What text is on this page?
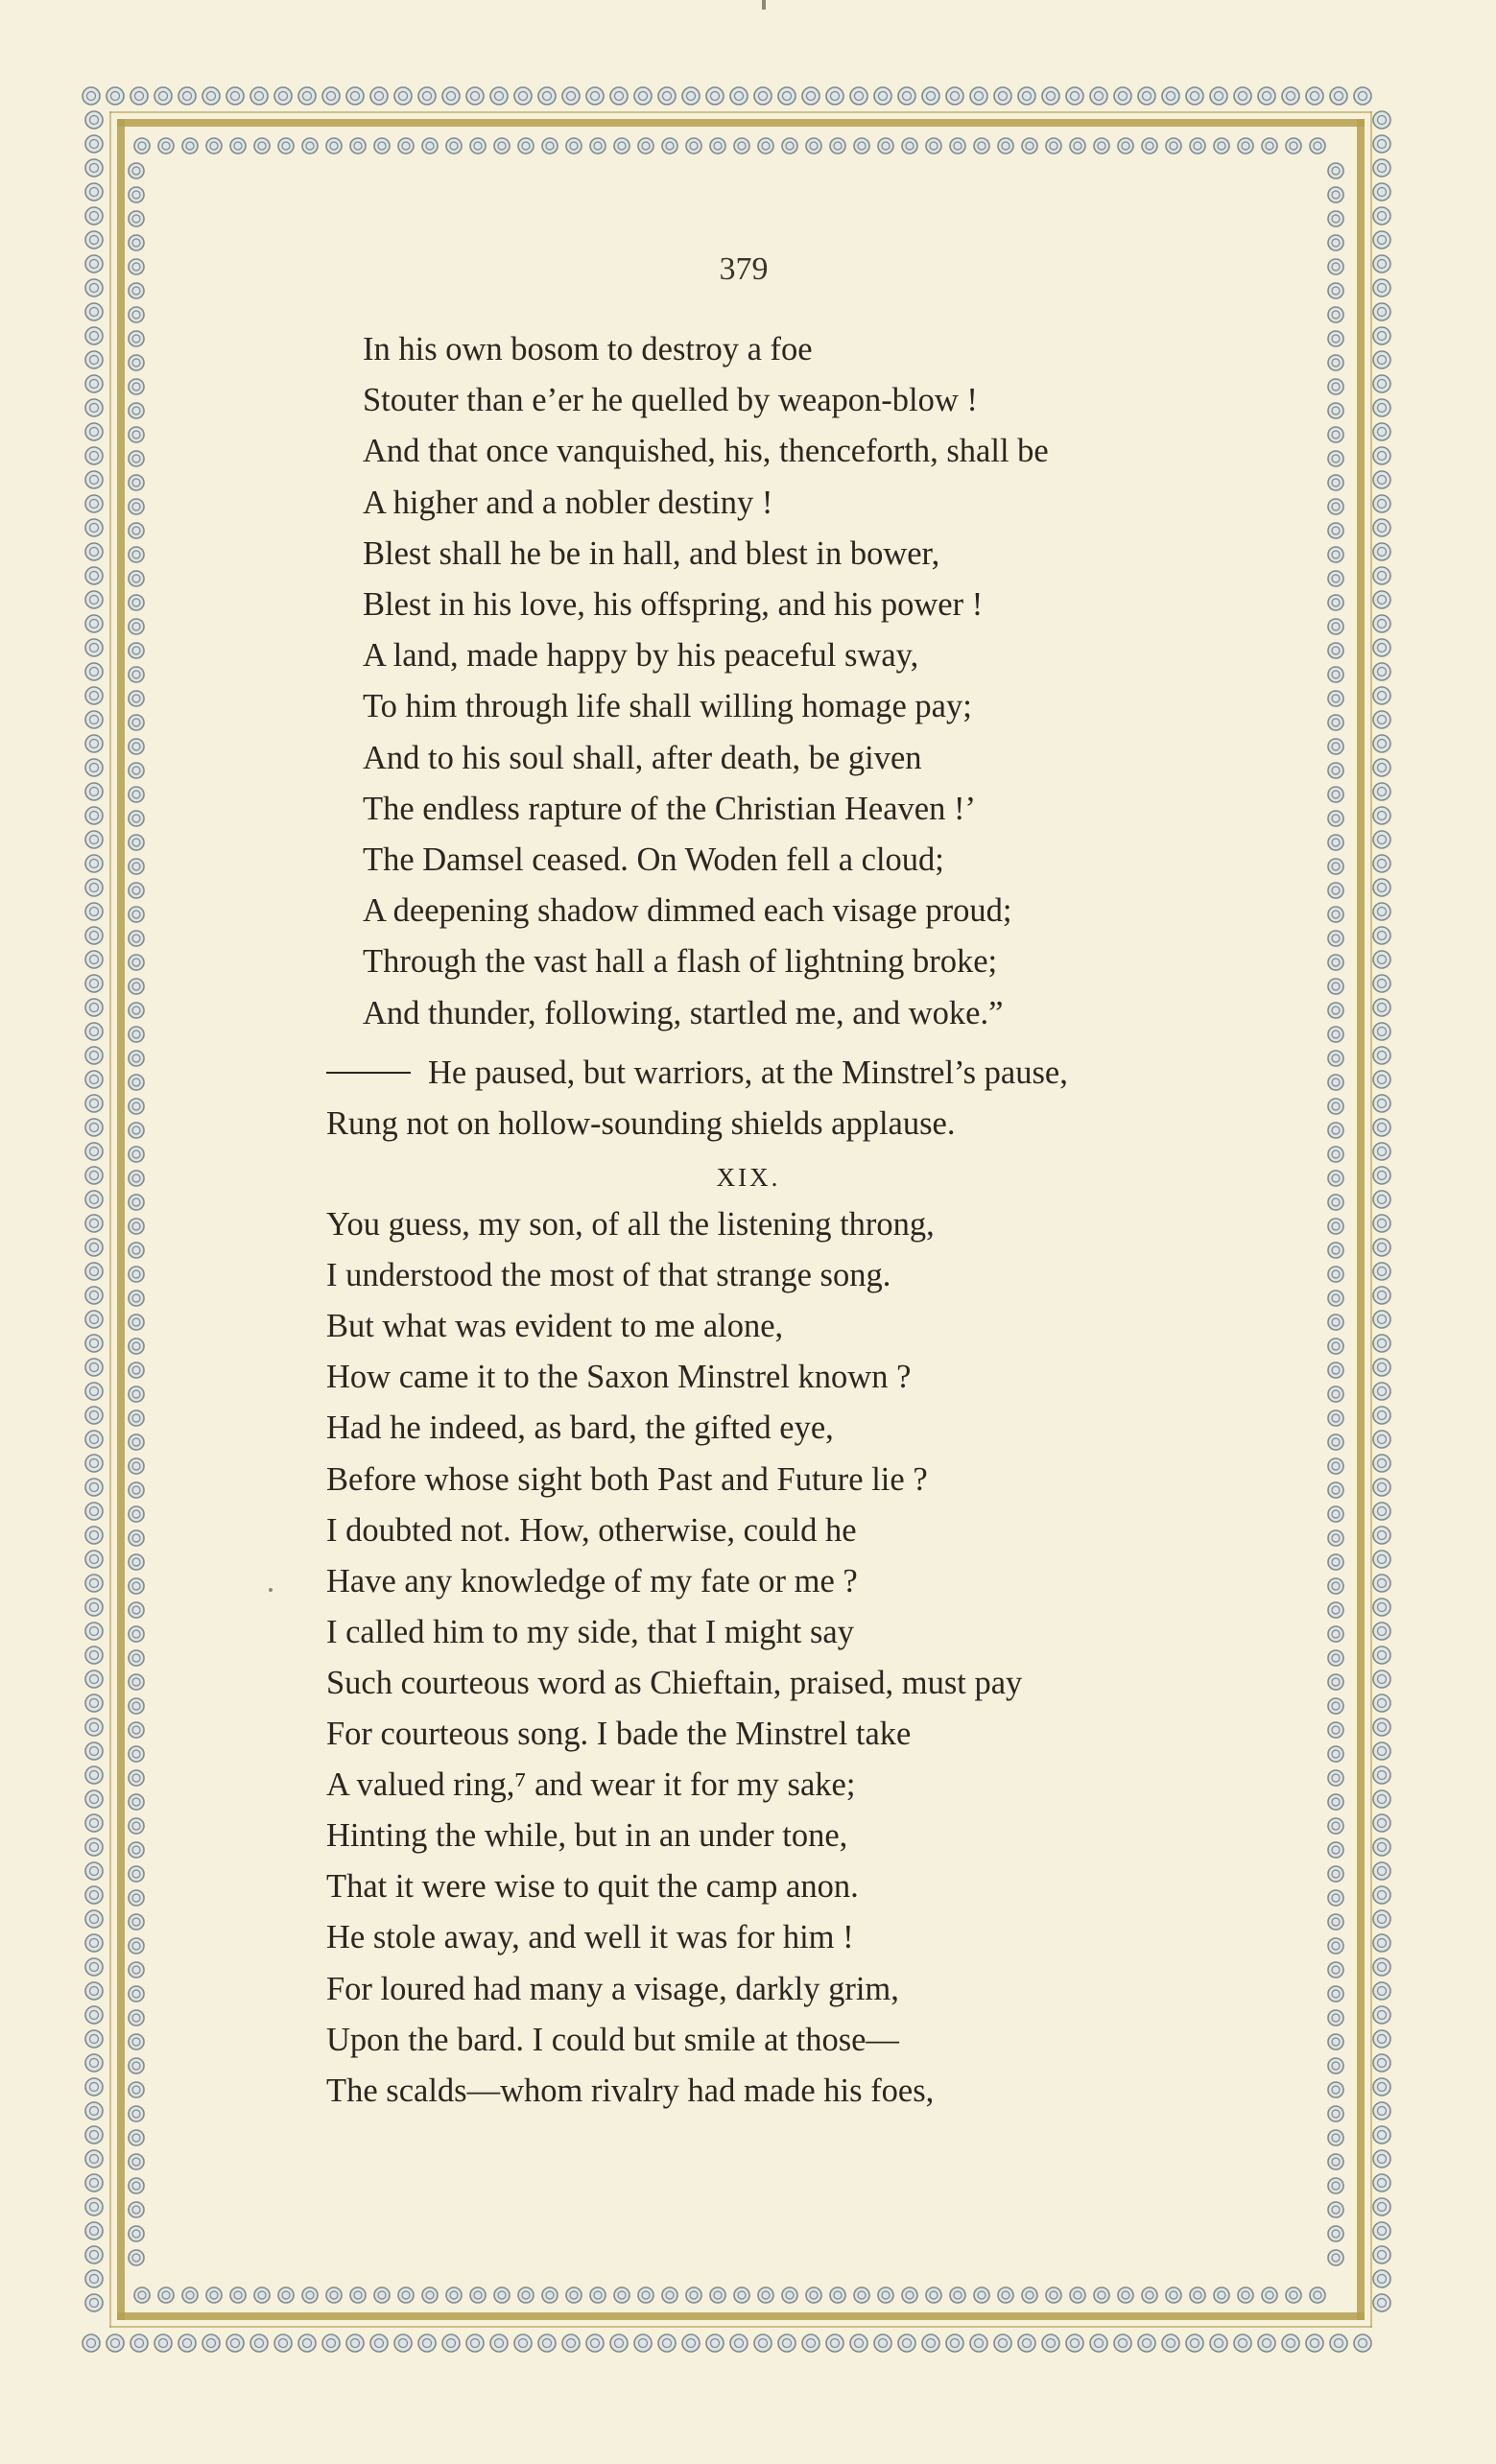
379
In his own bosom to destroy a foe
Stouter than e’er he quelled by weapon-blow !
And that once vanquished, his, thenceforth, shall be
A higher and a nobler destiny !
Blest shall he be in hall, and blest in bower,
Blest in his love, his offspring, and his power !
A land, made happy by his peaceful sway,
To him through life shall willing homage pay;
And to his soul shall, after death, be given
The endless rapture of the Christian Heaven !’
The Damsel ceased. On Woden fell a cloud;
A deepening shadow dimmed each visage proud;
Through the vast hall a flash of lightning broke;
And thunder, following, startled me, and woke.”
He paused, but warriors, at the Minstrel’s pause,
Rung not on hollow-sounding shields applause.
XIX.
You guess, my son, of all the listening throng,
I understood the most of that strange song.
But what was evident to me alone,
How came it to the Saxon Minstrel known ?
Had he indeed, as bard, the gifted eye,
Before whose sight both Past and Future lie ?
I doubted not. How, otherwise, could he
Have any knowledge of my fate or me ?
I called him to my side, that I might say
Such courteous word as Chieftain, praised, must pay
For courteous song. I bade the Minstrel take
A valued ring,⁷ and wear it for my sake;
Hinting the while, but in an under tone,
That it were wise to quit the camp anon.
He stole away, and well it was for him !
For loured had many a visage, darkly grim,
Upon the bard. I could but smile at those—
The scalds—whom rivalry had made his foes,
